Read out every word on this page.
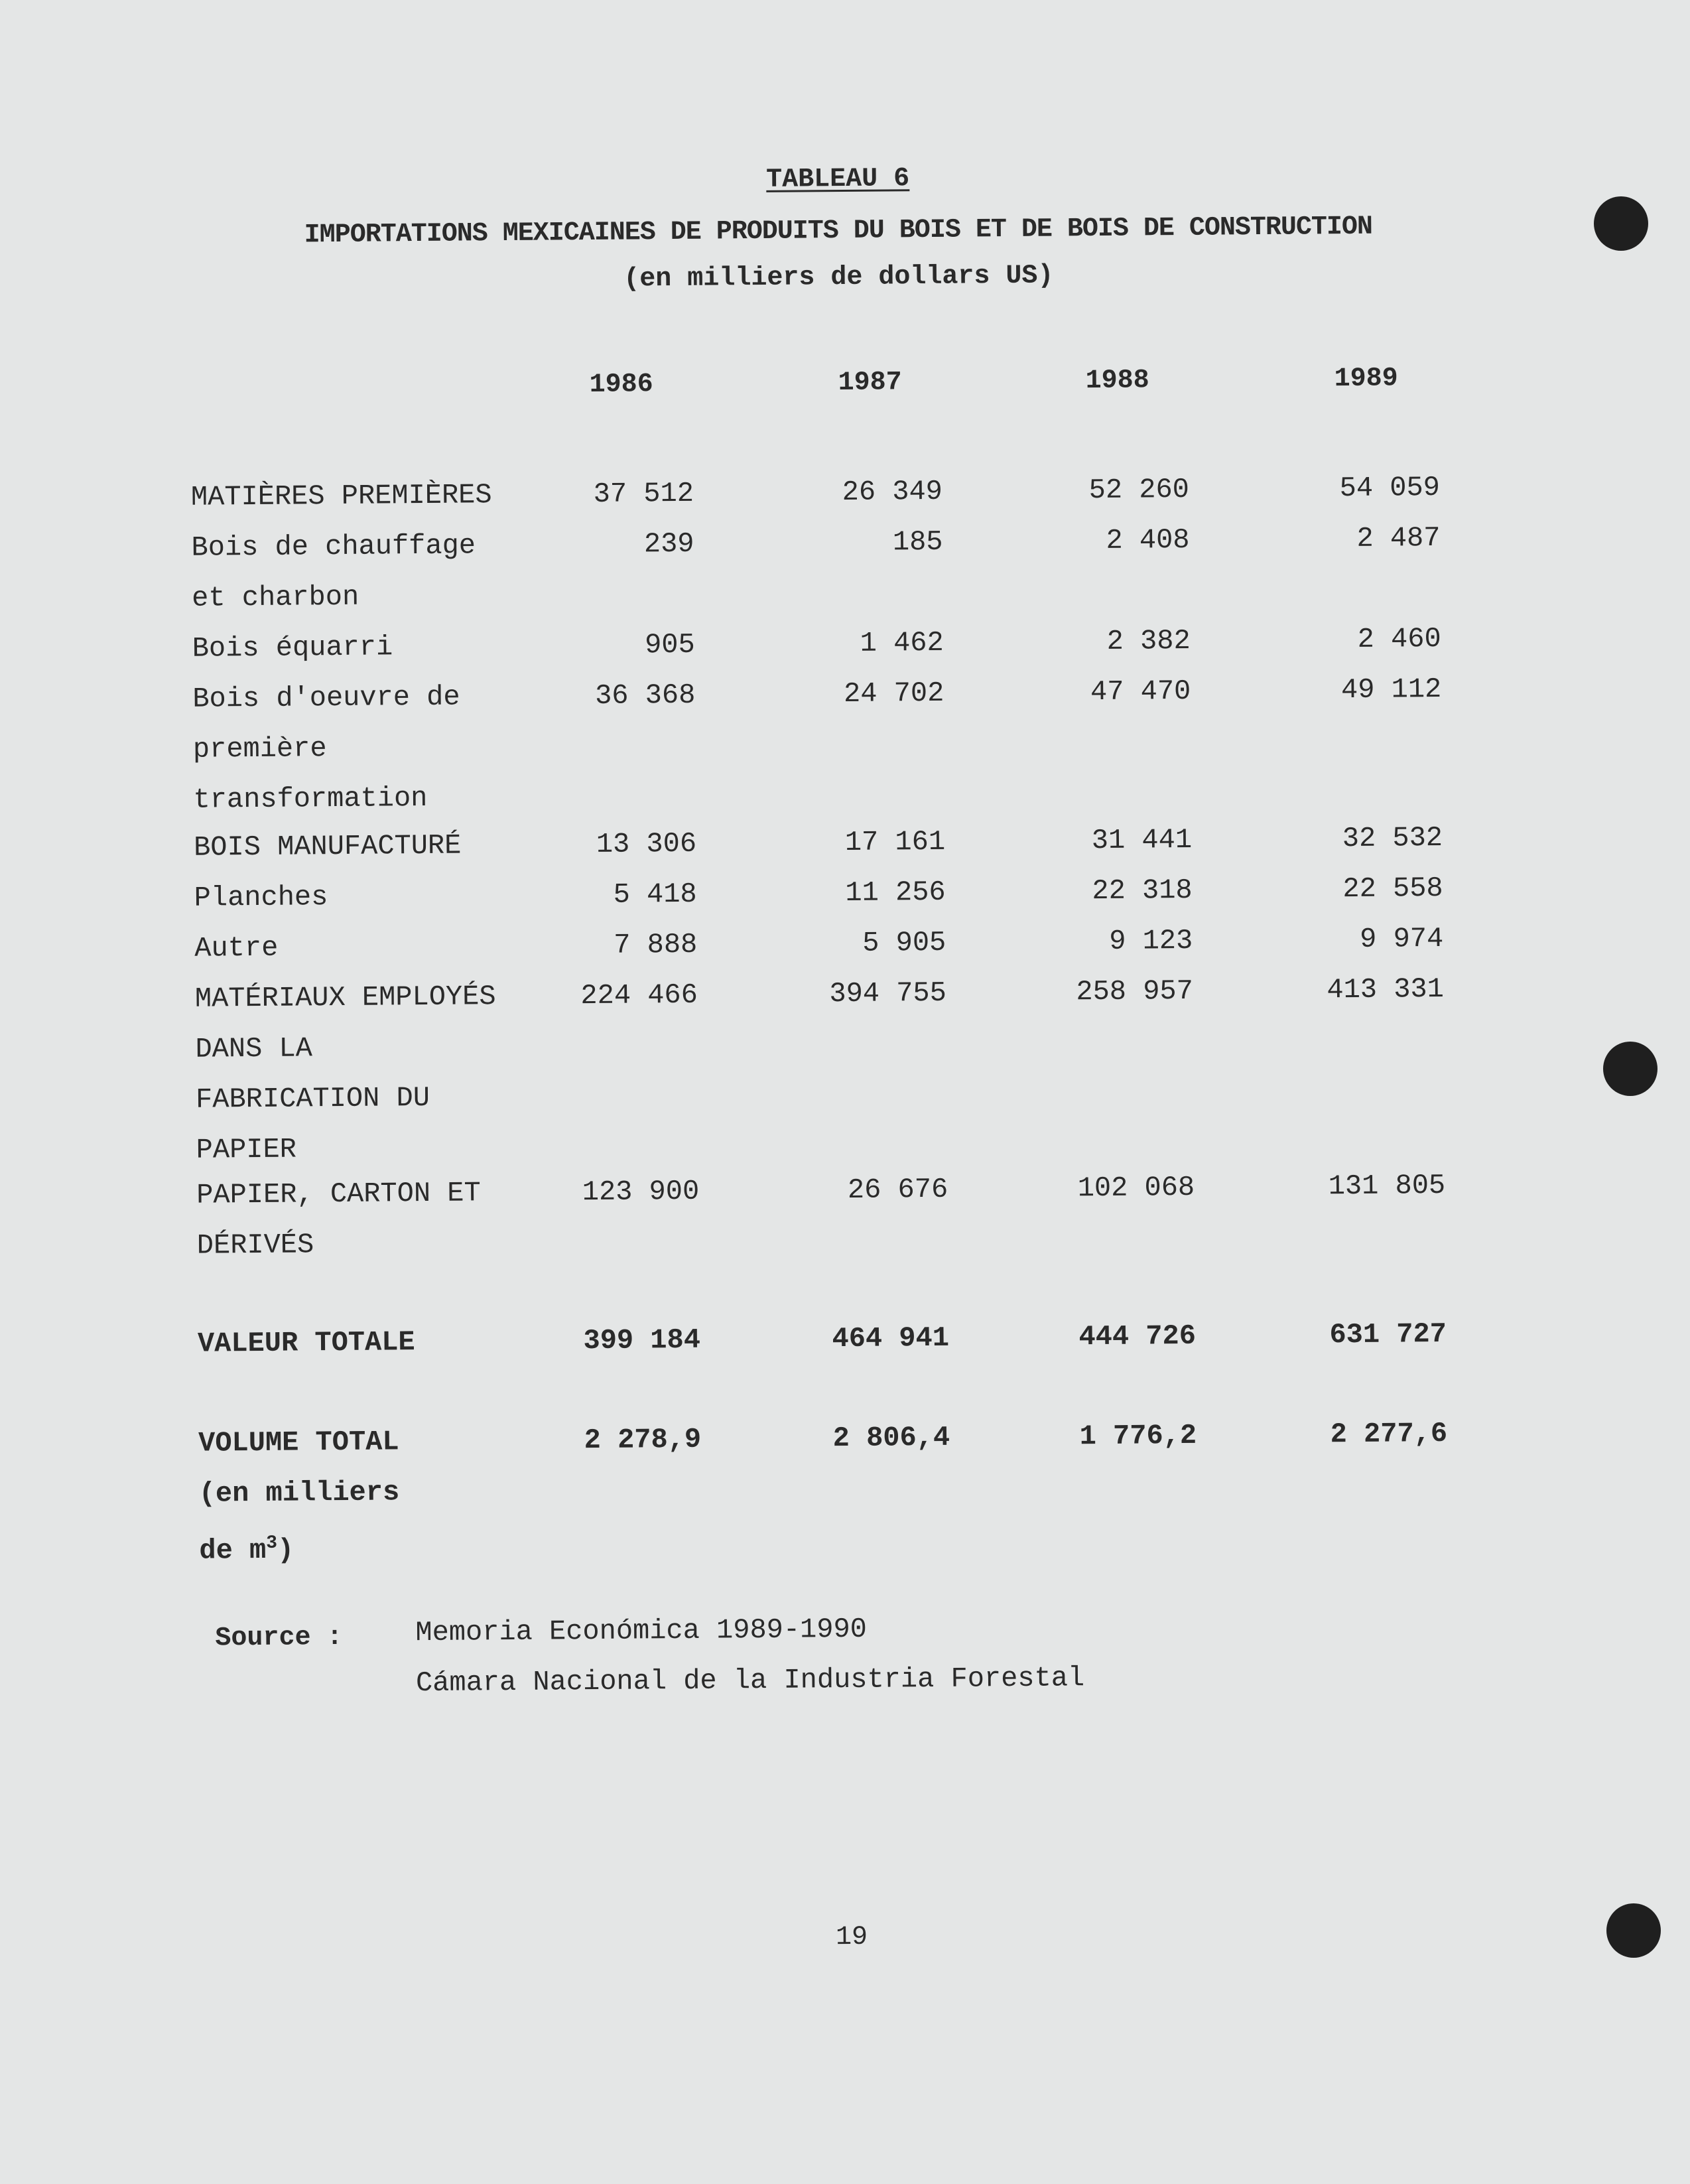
TABLEAU 6
IMPORTATIONS MEXICAINES DE PRODUITS DU BOIS ET DE BOIS DE CONSTRUCTION
(en milliers de dollars US)
1986	1987	1988	1989
MATIÈRES PREMIÈRES	37 512	26 349	52 260	54 059
Bois de chauffage
et charbon
239	185	2 408	2 487
Bois équarri	905	1 462	2 382	2 460
Bois d'oeuvre de
première
transformation
36 368	24 702	47 470	49 112
BOIS MANUFACTURÉ	13 306	17 161	31 441	32 532
Planches	5 418	11 256	22 318	22 558
Autre	7 888	5 905	9 123	9 974
MATÉRIAUX EMPLOYÉS
DANS LA
FABRICATION DU
PAPIER
224 466	394 755	258 957	413 331
PAPIER, CARTON ET
DÉRIVÉS
123 900	26 676	102 068	131 805
VALEUR TOTALE	399 184	464 941	444 726	631 727
VOLUME TOTAL
(en milliers
de $m^3$)
2 278,9	2 806,4	1 776,2	2 277,6
Source :	Memoria Económica 1989-1990
Cámara Nacional de la Industria Forestal
19
